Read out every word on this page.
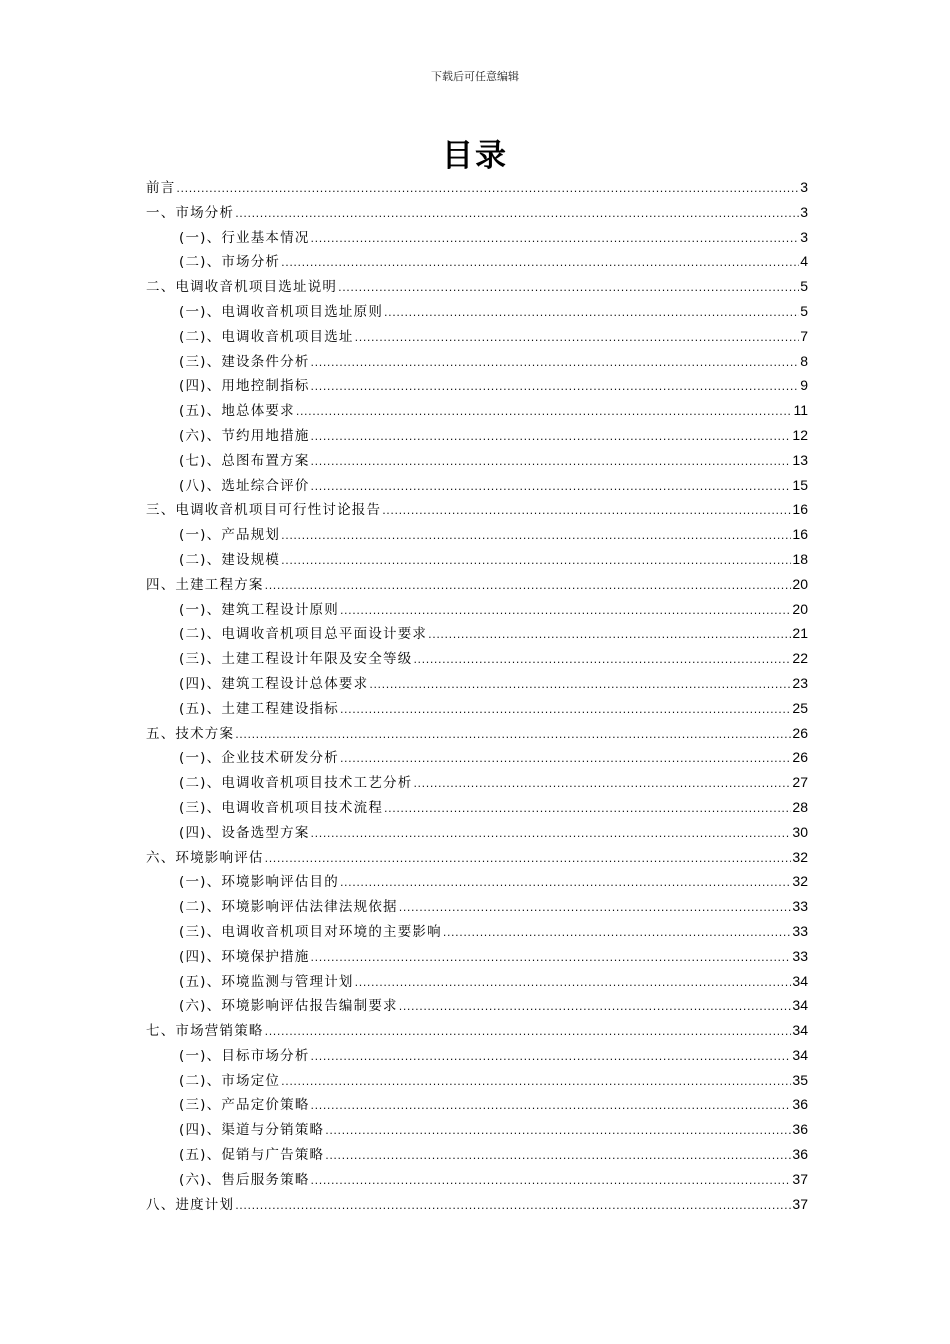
下载后可任意编辑
目录
前言 .....	3
一、市场分析 .....	3
(一)、行业基本情况 .....	3
(二)、市场分析 .....	4
二、电调收音机项目选址说明 .....	5
(一)、电调收音机项目选址原则 .....	5
(二)、电调收音机项目选址 .....	7
(三)、建设条件分析 .....	8
(四)、用地控制指标 .....	9
(五)、地总体要求 .....	11
(六)、节约用地措施 .....	12
(七)、总图布置方案 .....	13
(八)、选址综合评价 .....	15
三、电调收音机项目可行性讨论报告 .....	16
(一)、产品规划 .....	16
(二)、建设规模 .....	18
四、土建工程方案 .....	20
(一)、建筑工程设计原则 .....	20
(二)、电调收音机项目总平面设计要求 .....	21
(三)、土建工程设计年限及安全等级 .....	22
(四)、建筑工程设计总体要求 .....	23
(五)、土建工程建设指标 .....	25
五、技术方案 .....	26
(一)、企业技术研发分析 .....	26
(二)、电调收音机项目技术工艺分析 .....	27
(三)、电调收音机项目技术流程 .....	28
(四)、设备选型方案 .....	30
六、环境影响评估 .....	32
(一)、环境影响评估目的 .....	32
(二)、环境影响评估法律法规依据 .....	33
(三)、电调收音机项目对环境的主要影响 .....	33
(四)、环境保护措施 .....	33
(五)、环境监测与管理计划 .....	34
(六)、环境影响评估报告编制要求 .....	34
七、市场营销策略 .....	34
(一)、目标市场分析 .....	34
(二)、市场定位 .....	35
(三)、产品定价策略 .....	36
(四)、渠道与分销策略 .....	36
(五)、促销与广告策略 .....	36
(六)、售后服务策略 .....	37
八、进度计划 .....	37
